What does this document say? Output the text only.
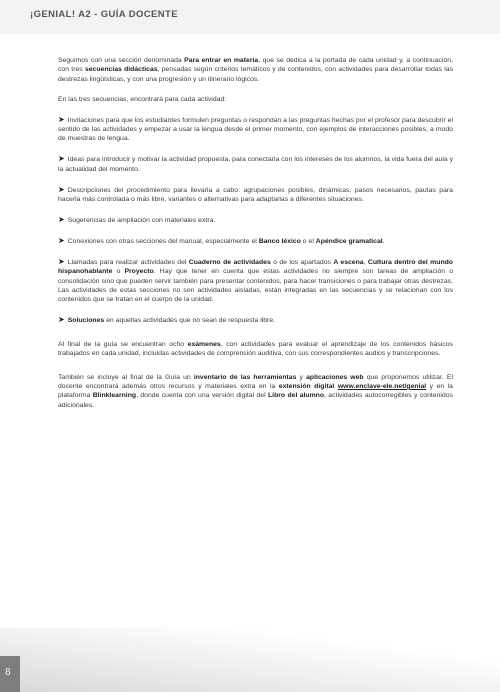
¡GENIAL! A2 - GUÍA DOCENTE

Seguimos con una sección denominada Para entrar en materia, que se dedica a la portada de cada unidad y, a continuación, con tres secuencias didácticas, pensadas según criterios temáticos y de contenidos, con actividades para desarrollar todas las destrezas lingüísticas, y con una progresión y un itinerario lógicos.

En las tres secuencias, encontrará para cada actividad:

➤ Invitaciones para que los estudiantes formulen preguntas o respondan a las preguntas hechas por el profesor para descubrir el sentido de las actividades y empezar a usar la lengua desde el primer momento, con ejemplos de interacciones posibles, a modo de muestras de lengua.

➤ Ideas para introducir y motivar la actividad propuesta, para conectarla con los intereses de los alumnos, la vida fuera del aula y la actualidad del momento.

➤ Descripciones del procedimiento para llevarla a cabo: agrupaciones posibles, dinámicas, pasos necesarios, pautas para hacerla más controlada o más libre, variantes o alternativas para adaptarlas a diferentes situaciones.

➤ Sugerencias de ampliación con materiales extra.

➤ Conexiones con otras secciones del manual, especialmente el Banco léxico o el Apéndice gramatical.

➤ Llamadas para realizar actividades del Cuaderno de actividades o de los apartados A escena, Cultura dentro del mundo hispanohablante o Proyecto. Hay que tener en cuenta que estas actividades no siempre son tareas de ampliación o consolidación sino que pueden servir también para presentar contenidos, para hacer transiciones o para trabajar otras destrezas. Las actividades de estas secciones no son actividades aisladas, están integradas en las secuencias y se relacionan con los contenidos que se tratan en el cuerpo de la unidad.

➤ Soluciones en aquellas actividades que no sean de respuesta libre.

Al final de la guía se encuentran ocho exámenes, con actividades para evaluar el aprendizaje de los contenidos básicos trabajados en cada unidad, incluidas actividades de comprensión auditiva, con sus correspondientes audios y transcripciones.

También se incluye al final de la Guía un inventario de las herramientas y aplicaciones web que proponemos utilizar. El docente encontrará además otros recursos y materiales extra en la extensión digital www.enclave-ele.net/genial y en la plataforma Blinklearning, donde cuenta con una versión digital del Libro del alumno, actividades autocorregibles y contenidos adicionales.

8
